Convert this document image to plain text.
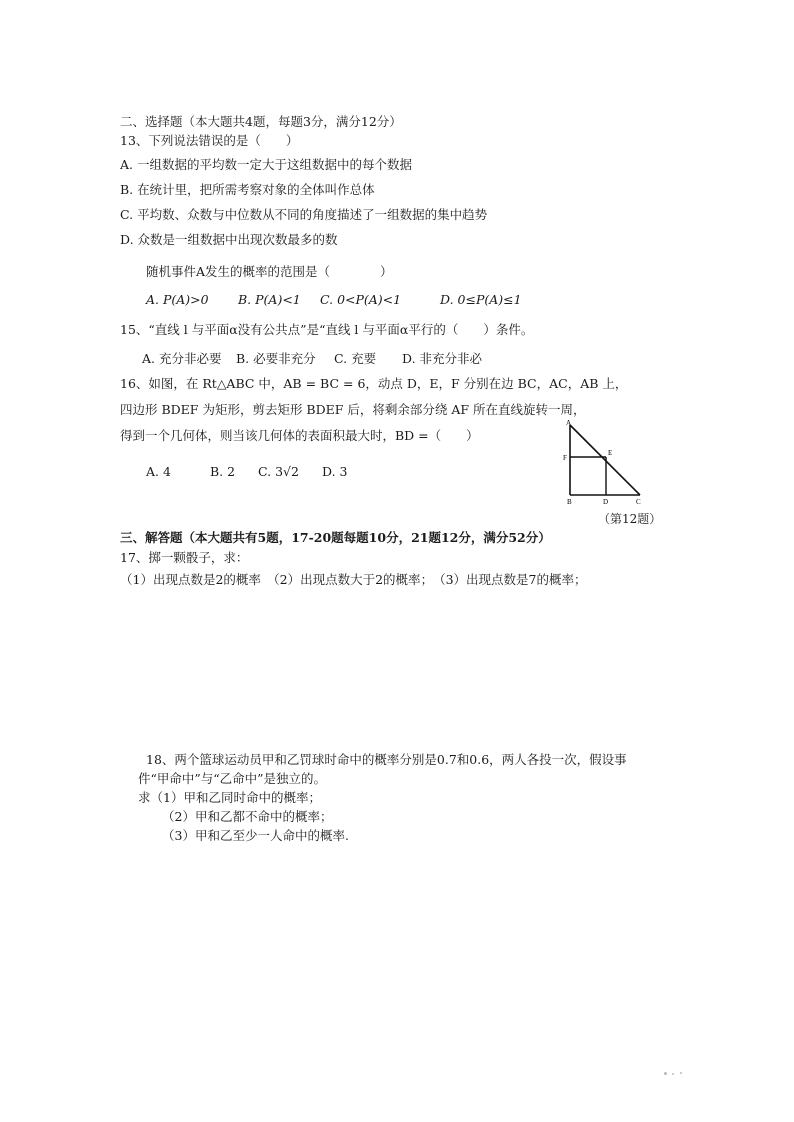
二、选择题（本大题共4题，每题3分，满分12分）
13、下列说法错误的是（　　）
A. 一组数据的平均数一定大于这组数据中的每个数据
B. 在统计里，把所需考察对象的全体叫作总体
C. 平均数、众数与中位数从不同的角度描述了一组数据的集中趋势
D. 众数是一组数据中出现次数最多的数
随机事件A发生的概率的范围是（　　　　）
A. P(A)>0 B. P(A)<1 C. 0<P(A)<1	D. 0≤P(A)≤1
15、“直线 l 与平面α没有公共点”是“直线 l 与平面α平行的（　　）条件。
A. 充分非必要 B. 必要非充分 C. 充要 D. 非充分非必
16、如图，在 Rt△ABC 中，AB = BC = 6，动点 D，E，F 分别在边 BC，AC，AB 上，
四边形 BDEF 为矩形，剪去矩形 BDEF 后，将剩余部分绕 AF 所在直线旋转一周，
得到一个几何体，则当该几何体的表面积最大时，BD =（　　）
A. 4	B. 2 C. 3√2 D. 3
A
F
E
B	D	C
（第12题）
三、解答题（本大题共有5题，17-20题每题10分，21题12分，满分52分）
17、掷一颗骰子，求：
（1）出现点数是2的概率　（2）出现点数大于2的概率；　（3）出现点数是7的概率；
18、两个篮球运动员甲和乙罚球时命中的概率分别是0.7和0.6，两人各投一次，假设事
件“甲命中”与“乙命中”是独立的。
求（1）甲和乙同时命中的概率；
（2）甲和乙都不命中的概率；
（3）甲和乙至少一人命中的概率.
